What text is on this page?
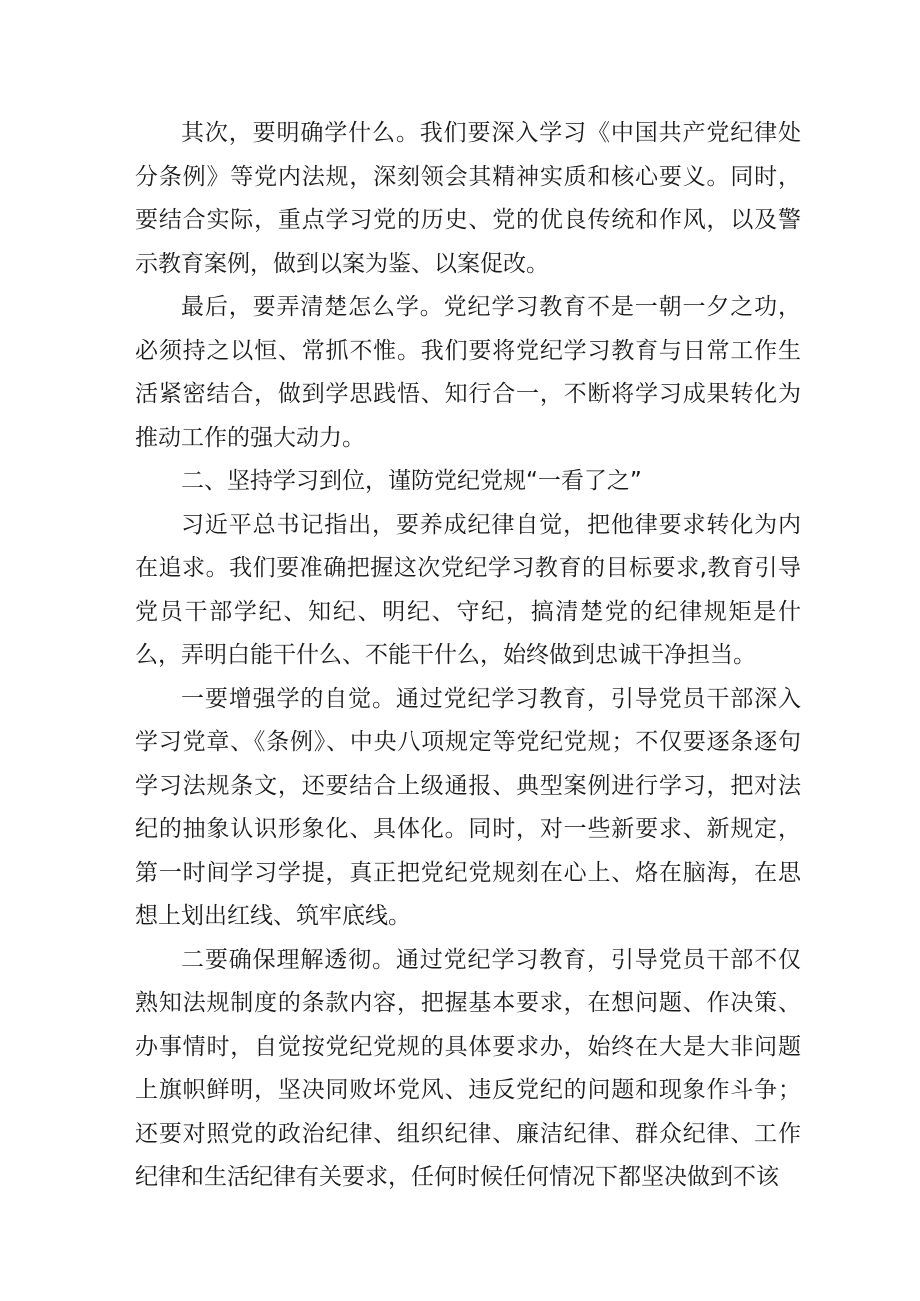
其次，要明确学什么。我们要深入学习《中国共产党纪律处分条例》等党内法规，深刻领会其精神实质和核心要义。同时，要结合实际，重点学习党的历史、党的优良传统和作风，以及警示教育案例，做到以案为鉴、以案促改。

最后，要弄清楚怎么学。党纪学习教育不是一朝一夕之功，必须持之以恒、常抓不惟。我们要将党纪学习教育与日常工作生活紧密结合，做到学思践悟、知行合一，不断将学习成果转化为推动工作的强大动力。

二、坚持学习到位，谨防党纪党规“一看了之”

习近平总书记指出，要养成纪律自觉，把他律要求转化为内在追求。我们要准确把握这次党纪学习教育的目标要求,教育引导党员干部学纪、知纪、明纪、守纪，搞清楚党的纪律规矩是什么，弄明白能干什么、不能干什么，始终做到忠诚干净担当。

一要增强学的自觉。通过党纪学习教育，引导党员干部深入学习党章、《条例》、中央八项规定等党纪党规；不仅要逐条逐句学习法规条文，还要结合上级通报、典型案例进行学习，把对法纪的抽象认识形象化、具体化。同时，对一些新要求、新规定，第一时间学习学提，真正把党纪党规刻在心上、烙在脑海，在思想上划出红线、筑牢底线。

二要确保理解透彻。通过党纪学习教育，引导党员干部不仅熟知法规制度的条款内容，把握基本要求，在想问题、作决策、办事情时，自觉按党纪党规的具体要求办，始终在大是大非问题上旗帜鲜明，坚决同败坏党风、违反党纪的问题和现象作斗争；还要对照党的政治纪律、组织纪律、廉洁纪律、群众纪律、工作纪律和生活纪律有关要求，任何时候任何情况下都坚决做到不该
